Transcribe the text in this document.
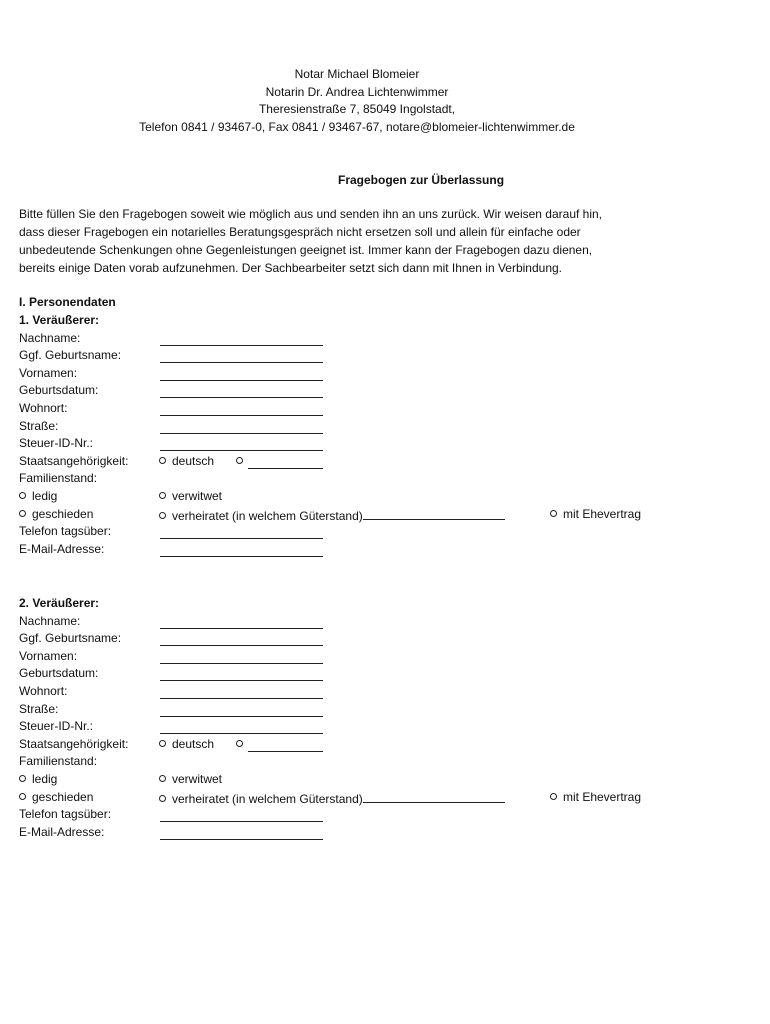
Notar Michael Blomeier
Notarin Dr. Andrea Lichtenwimmer
Theresienstraße 7, 85049 Ingolstadt,
Telefon 0841 / 93467-0, Fax 0841 / 93467-67, notare@blomeier-lichtenwimmer.de
Fragebogen zur Überlassung
Bitte füllen Sie den Fragebogen soweit wie möglich aus und senden ihn an uns zurück. Wir weisen darauf hin,
dass dieser Fragebogen ein notarielles Beratungsgespräch nicht ersetzen soll und allein für einfache oder
unbedeutende Schenkungen ohne Gegenleistungen geeignet ist. Immer kann der Fragebogen dazu dienen,
bereits einige Daten vorab aufzunehmen. Der Sachbearbeiter setzt sich dann mit Ihnen in Verbindung.
I. Personendaten
1. Veräußerer:
Nachname:
Ggf. Geburtsname:
Vornamen:
Geburtsdatum:
Wohnort:
Straße:
Steuer-ID-Nr.:
Staatsangehörigkeit:	deutsch
Familienstand:
ledig	verwitwet
geschieden	verheiratet (in welchem Güterstand)	mit Ehevertrag
Telefon tagsüber:
E-Mail-Adresse:
2. Veräußerer:
Nachname:
Ggf. Geburtsname:
Vornamen:
Geburtsdatum:
Wohnort:
Straße:
Steuer-ID-Nr.:
Staatsangehörigkeit:	deutsch
Familienstand:
ledig	verwitwet
geschieden	verheiratet (in welchem Güterstand)	mit Ehevertrag
Telefon tagsüber:
E-Mail-Adresse:
